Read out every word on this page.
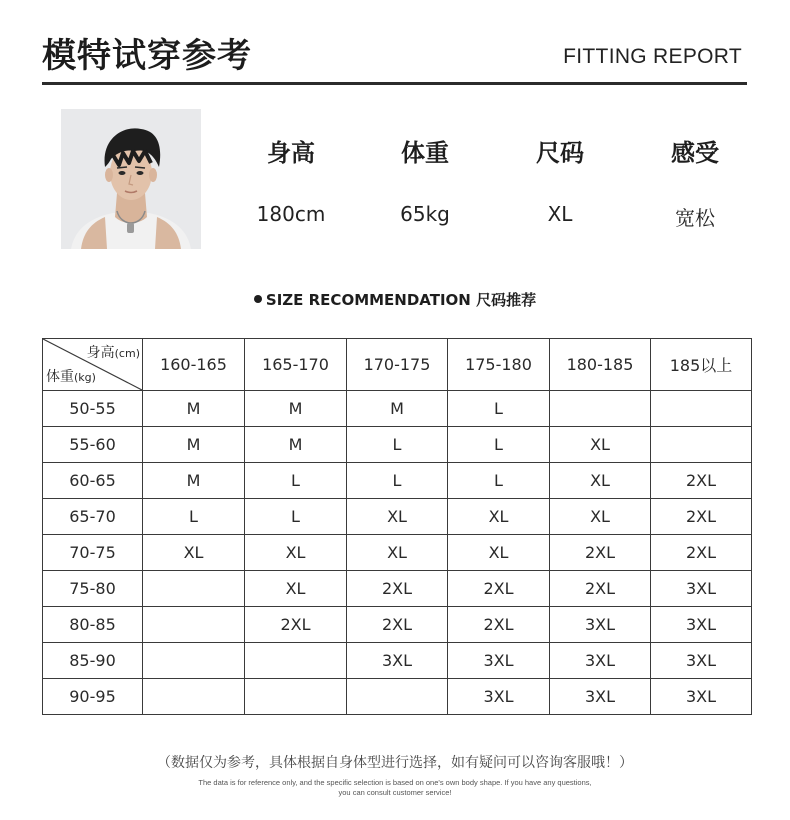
模特试穿参考	FITTING REPORT
身高	体重	尺码	感受
180cm	65kg	XL	宽松
SIZE RECOMMENDATION 尺码推荐
身高(cm)
体重(kg)	160-165	165-170	170-175	175-180	180-185	185以上
50-55	M	M	M	L		
55-60	M	M	L	L	XL	
60-65	M	L	L	L	XL	2XL
65-70	L	L	XL	XL	XL	2XL
70-75	XL	XL	XL	XL	2XL	2XL
75-80		XL	2XL	2XL	2XL	3XL
80-85		2XL	2XL	2XL	3XL	3XL
85-90			3XL	3XL	3XL	3XL
90-95				3XL	3XL	3XL
（数据仅为参考，具体根据自身体型进行选择，如有疑问可以咨询客服哦！）
The data is for reference only, and the specific selection is based on one's own body shape. If you have any questions,
you can consult customer service!
